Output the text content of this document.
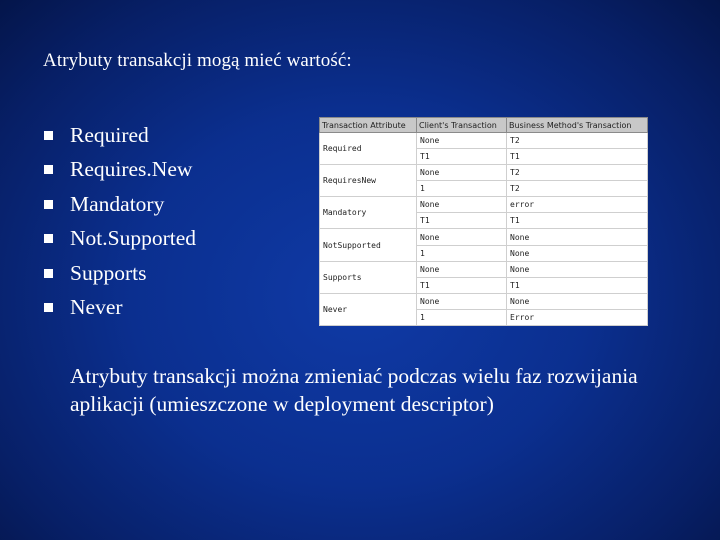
Atrybuty transakcji mogą mieć wartość:
Required
Requires.New
Mandatory
Not.Supported
Supports
Never
Transaction Attribute	Client's Transaction	Business Method's Transaction
Required	None	T2
	T1	T1
RequiresNew	None	T2
	1	T2
Mandatory	None	error
	T1	T1
NotSupported	None	None
	1	None
Supports	None	None
	T1	T1
Never	None	None
	1	Error
Atrybuty transakcji można zmieniać podczas wielu faz rozwijania aplikacji (umieszczone w deployment descriptor)
